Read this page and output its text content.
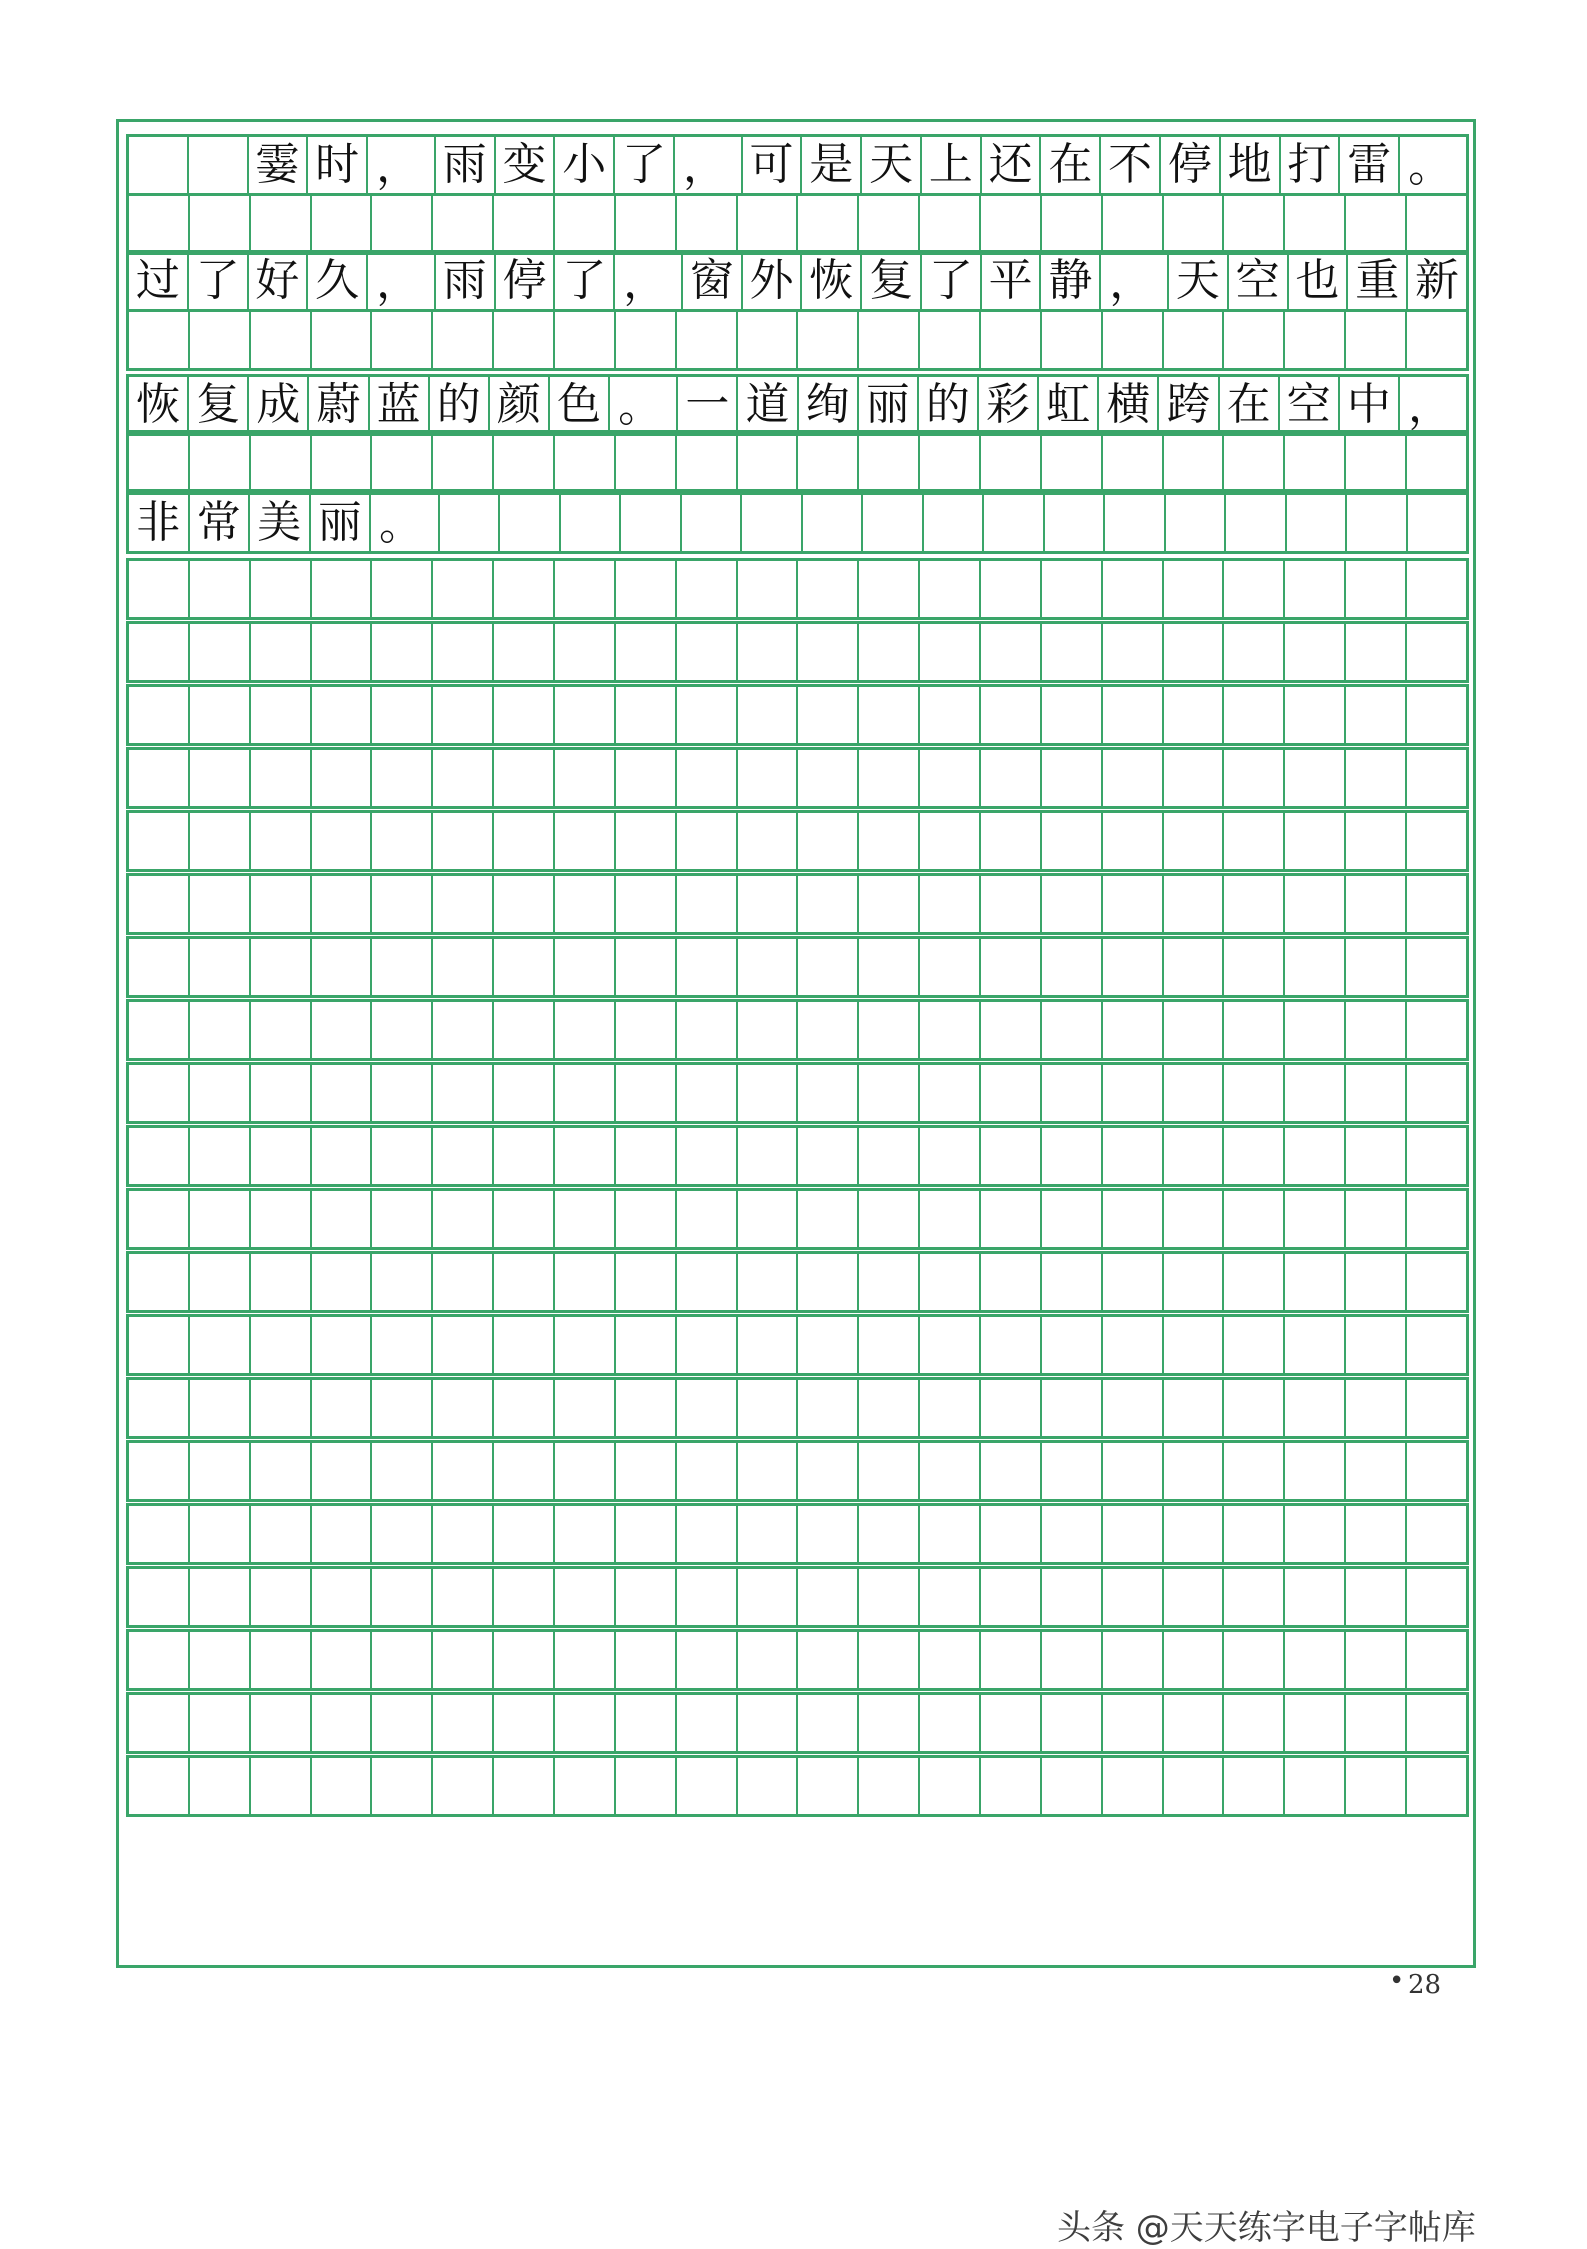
霎 时 ， 雨 变 小 了 ， 可 是 天 上 还 在 不 停 地 打 雷 。
过 了 好 久 ， 雨 停 了 ， 窗 外 恢 复 了 平 静 ， 天 空 也 重 新
恢 复 成 蔚 蓝 的 颜 色 。 一 道 绚 丽 的 彩 虹 横 跨 在 空 中 ，
非 常 美 丽 。
• 28
头条 @天天练字电子字帖库
